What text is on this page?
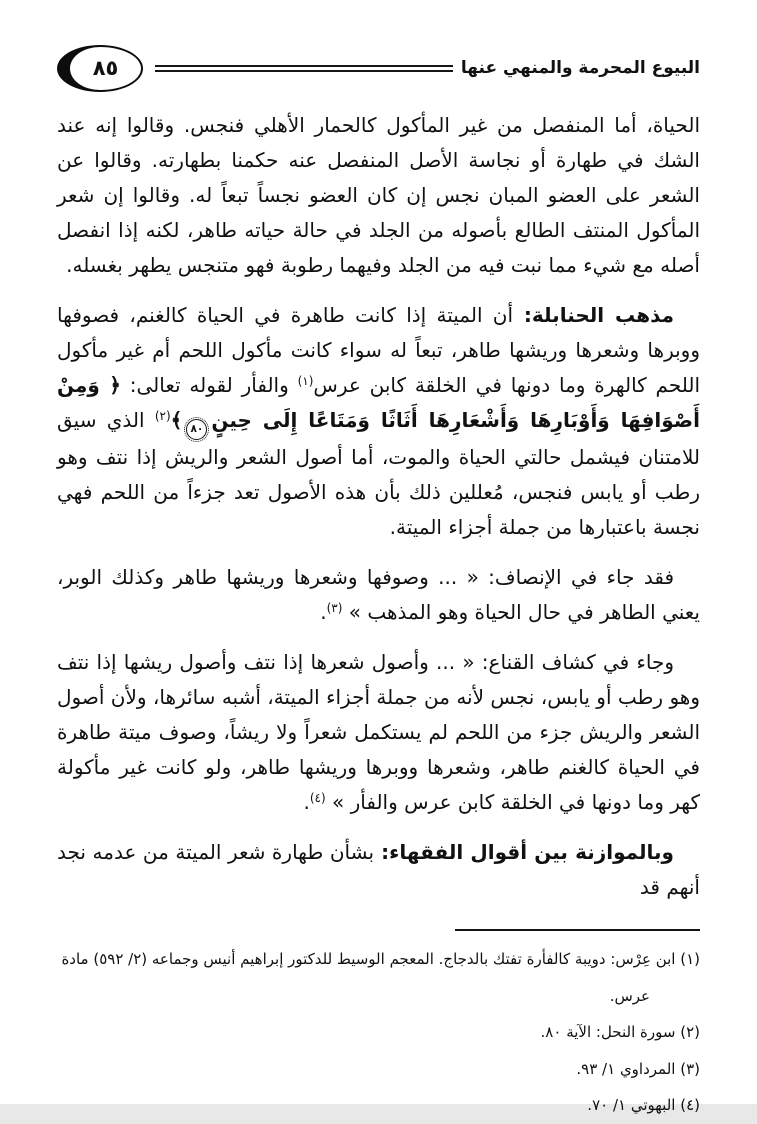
البيوع المحرمة والمنهي عنها
٨٥

الحياة، أما المنفصل من غير المأكول كالحمار الأهلي فنجس. وقالوا إنه عند الشك في طهارة أو نجاسة الأصل المنفصل عنه حكمنا بطهارته. وقالوا عن الشعر على العضو المبان نجس إن كان العضو نجساً تبعاً له. وقالوا إن شعر المأكول المنتف الطالع بأصوله من الجلد في حالة حياته طاهر، لكنه إذا انفصل أصله مع شيء مما نبت فيه من الجلد وفيهما رطوبة فهو متنجس يطهر بغسله.

مذهب الحنابلة: أن الميتة إذا كانت طاهرة في الحياة كالغنم، فصوفها ووبرها وشعرها وريشها طاهر، تبعاً له سواء كانت مأكول اللحم أم غير مأكول اللحم كالهرة وما دونها في الخلقة كابن عرس$^{(١)}$ والفأر لقوله تعالى: ﴿ وَمِنْ أَصْوَافِهَا وَأَوْبَارِهَا وَأَشْعَارِهَا أَثَاثًا وَمَتَاعًا إِلَى حِينٍ٨٠﴾$^{(٢)}$ الذي سيق للامتنان فيشمل حالتي الحياة والموت، أما أصول الشعر والريش إذا نتف وهو رطب أو يابس فنجس، مُعللين ذلك بأن هذه الأصول تعد جزءاً من اللحم فهي نجسة باعتبارها من جملة أجزاء الميتة.

فقد جاء في الإنصاف: « ... وصوفها وشعرها وريشها طاهر وكذلك الوبر، يعني الطاهر في حال الحياة وهو المذهب » $^{(٣)}$.

وجاء في كشاف القناع: « ... وأصول شعرها إذا نتف وأصول ريشها إذا نتف وهو رطب أو يابس، نجس لأنه من جملة أجزاء الميتة، أشبه سائرها، ولأن أصول الشعر والريش جزء من اللحم لم يستكمل شعراً ولا ريشاً، وصوف ميتة طاهرة في الحياة كالغنم طاهر، وشعرها ووبرها وريشها طاهر، ولو كانت غير مأكولة كهر وما دونها في الخلقة كابن عرس والفأر » $^{(٤)}$.

وبالموازنة بين أقوال الفقهاء: بشأن طهارة شعر الميتة من عدمه نجد أنهم قد

(١) ابن عِرْس: دويبة كالفأرة تفتك بالدجاج. المعجم الوسيط للدكتور إبراهيم أنيس وجماعه (٢/ ٥٩٢) مادة
عرس.
(٢) سورة النحل: الآية ٨٠.
(٣) المرداوي ١/ ٩٣.
(٤) البهوتي ١/ ٧٠.
